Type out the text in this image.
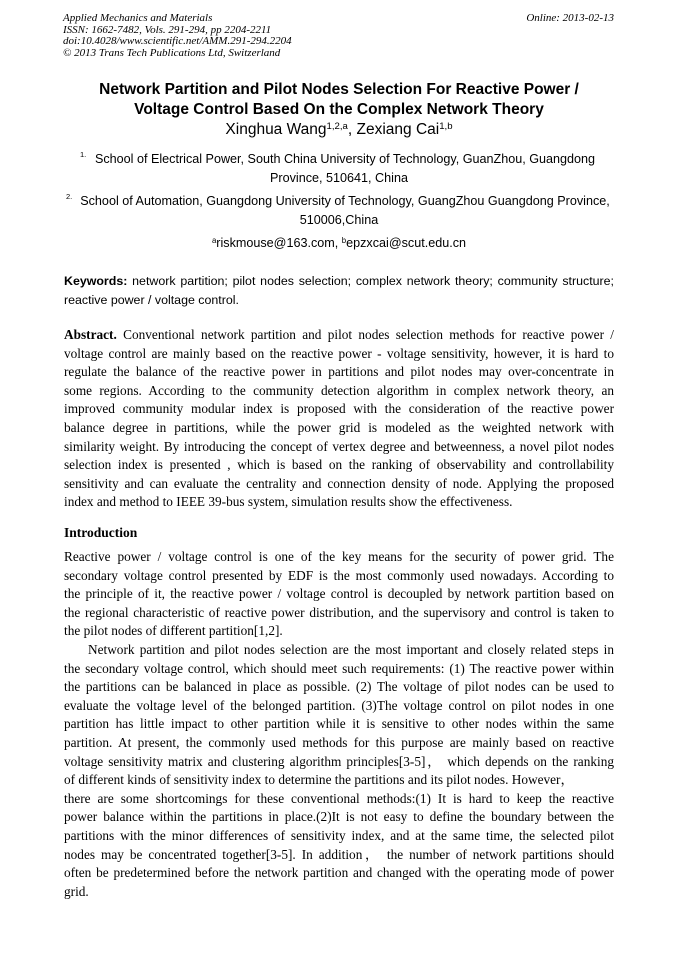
Applied Mechanics and Materials
ISSN: 1662-7482, Vols. 291-294, pp 2204-2211
doi:10.4028/www.scientific.net/AMM.291-294.2204
© 2013 Trans Tech Publications Ltd, Switzerland
Online: 2013-02-13
Network Partition and Pilot Nodes Selection For Reactive Power /
Voltage Control Based On the Complex Network Theory
Xinghua Wang$^{1,2,a}$, Zexiang Cai$^{1,b}$
1. School of Electrical Power, South China University of Technology, GuanZhou, Guangdong
Province, 510641, China
2. School of Automation, Guangdong University of Technology, GuangZhou Guangdong Province,
510006,China
$^a$riskmouse@163.com, $^b$epzxcai@scut.edu.cn
Keywords: network partition; pilot nodes selection; complex network theory; community structure;
reactive power / voltage control.
Abstract. Conventional network partition and pilot nodes selection methods for reactive power /
voltage control are mainly based on the reactive power - voltage sensitivity, however, it is hard to
regulate the balance of the reactive power in partitions and pilot nodes may over-concentrate in
some regions. According to the community detection algorithm in complex network theory, an
improved community modular index is proposed with the consideration of the reactive power
balance degree in partitions, while the power grid is modeled as the weighted network with
similarity weight. By introducing the concept of vertex degree and betweenness, a novel pilot nodes
selection index is presented , which is based on the ranking of observability and controllability
sensitivity and can evaluate the centrality and connection density of node. Applying the proposed
index and method to IEEE 39-bus system, simulation results show the effectiveness.
Introduction
Reactive power / voltage control is one of the key means for the security of power grid. The
secondary voltage control presented by EDF is the most commonly used nowadays. According to
the principle of it, the reactive power / voltage control is decoupled by network partition based on
the regional characteristic of reactive power distribution, and the supervisory and control is taken to
the pilot nodes of different partition[1,2].
Network partition and pilot nodes selection are the most important and closely related steps in
the secondary voltage control, which should meet such requirements: (1) The reactive power within
the partitions can be balanced in place as possible. (2) The voltage of pilot nodes can be used to
evaluate the voltage level of the belonged partition. (3)The voltage control on pilot nodes in one
partition has little impact to other partition while it is sensitive to other nodes within the same
partition. At present, the commonly used methods for this purpose are mainly based on reactive
voltage sensitivity matrix and clustering algorithm principles[3-5]， which depends on the ranking
of different kinds of sensitivity index to determine the partitions and its pilot nodes. However，
there are some shortcomings for these conventional methods:(1) It is hard to keep the reactive
power balance within the partitions in place.(2)It is not easy to define the boundary between the
partitions with the minor differences of sensitivity index, and at the same time, the selected pilot
nodes may be concentrated together[3-5]. In addition， the number of network partitions should
often be predetermined before the network partition and changed with the operating mode of power
grid.
